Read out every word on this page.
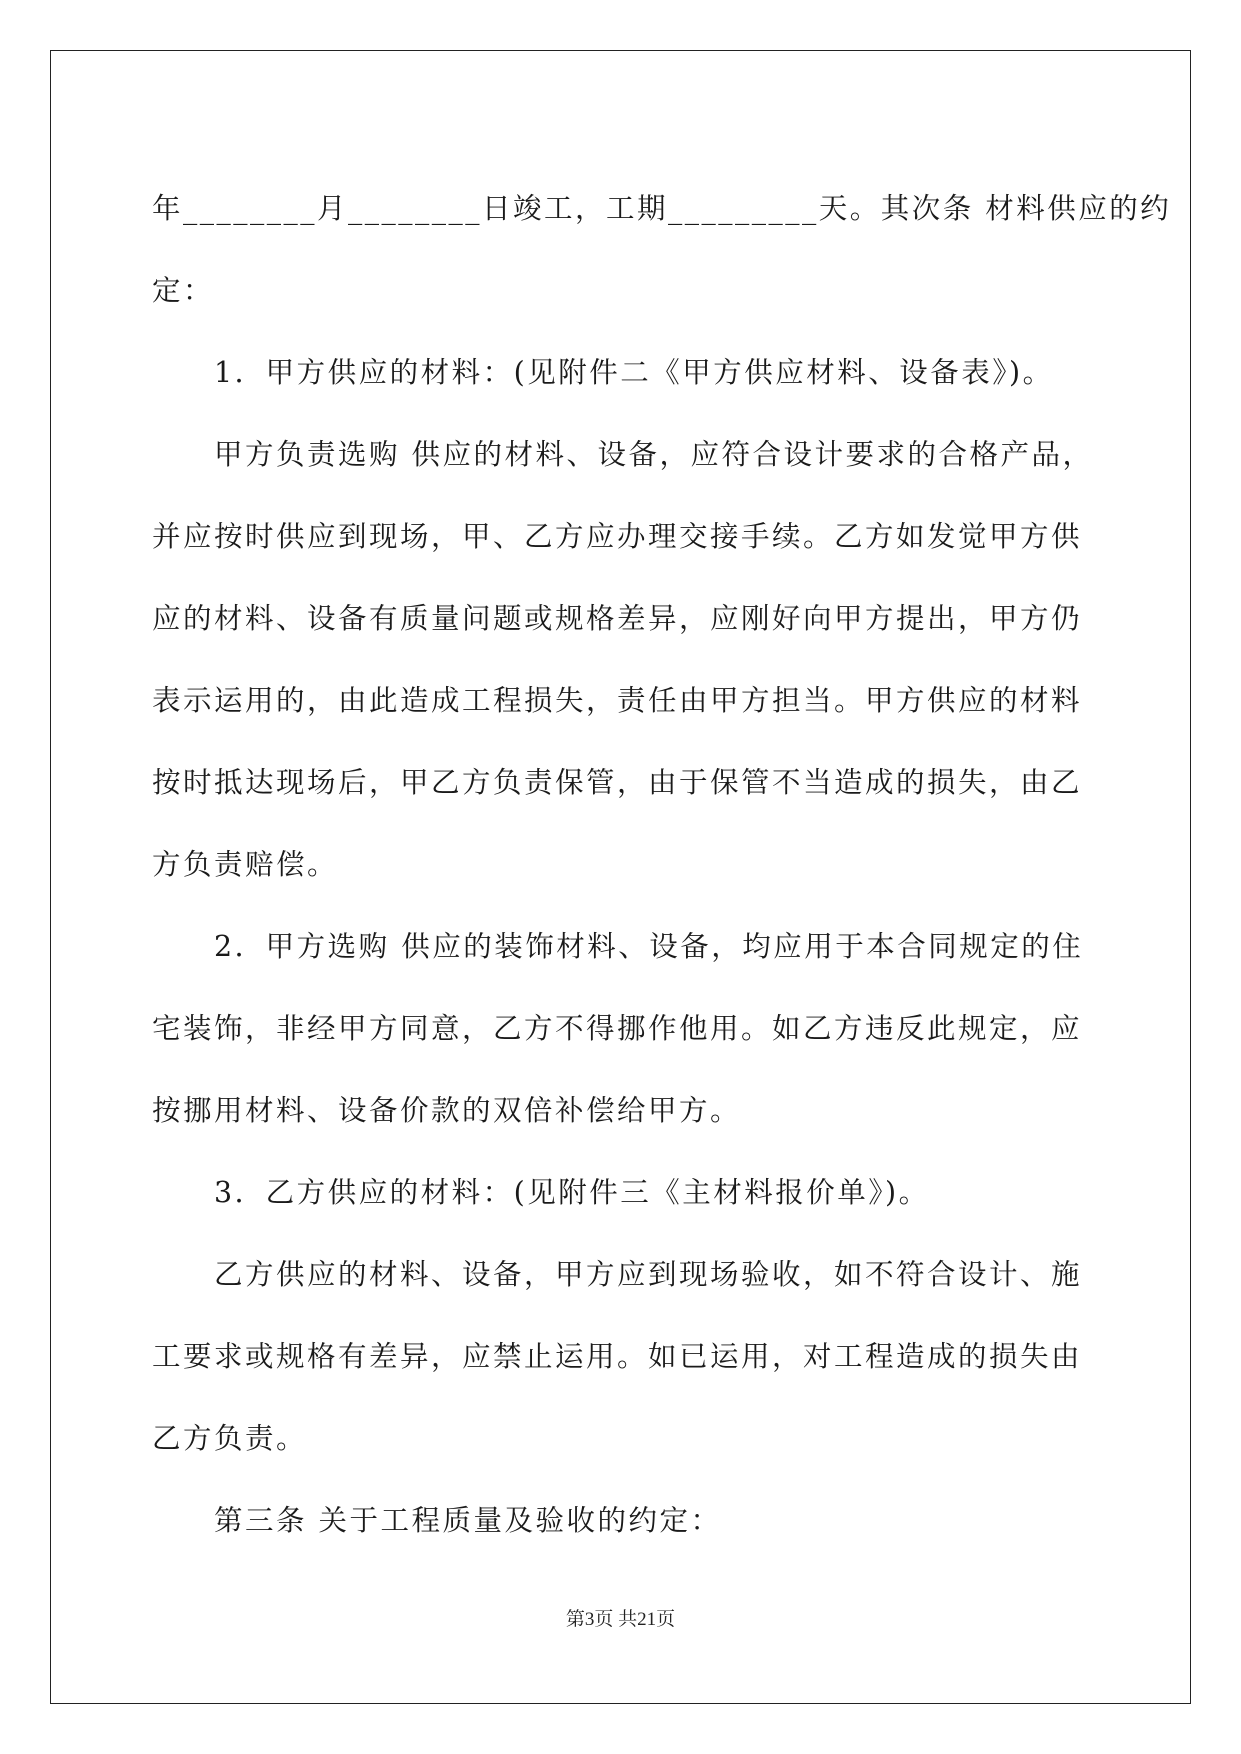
年________月________日竣工，工期_________天。其次条 材料供应的约
定：
1．甲方供应的材料：(见附件二《甲方供应材料、设备表》)。
甲方负责选购 供应的材料、设备，应符合设计要求的合格产品，
并应按时供应到现场，甲、乙方应办理交接手续。乙方如发觉甲方供
应的材料、设备有质量问题或规格差异，应刚好向甲方提出，甲方仍
表示运用的，由此造成工程损失，责任由甲方担当。甲方供应的材料
按时抵达现场后，甲乙方负责保管，由于保管不当造成的损失，由乙
方负责赔偿。
2．甲方选购 供应的装饰材料、设备，均应用于本合同规定的住
宅装饰，非经甲方同意，乙方不得挪作他用。如乙方违反此规定，应
按挪用材料、设备价款的双倍补偿给甲方。
3．乙方供应的材料：(见附件三《主材料报价单》)。
乙方供应的材料、设备，甲方应到现场验收，如不符合设计、施
工要求或规格有差异，应禁止运用。如已运用，对工程造成的损失由
乙方负责。
第三条 关于工程质量及验收的约定：
第3页 共21页
